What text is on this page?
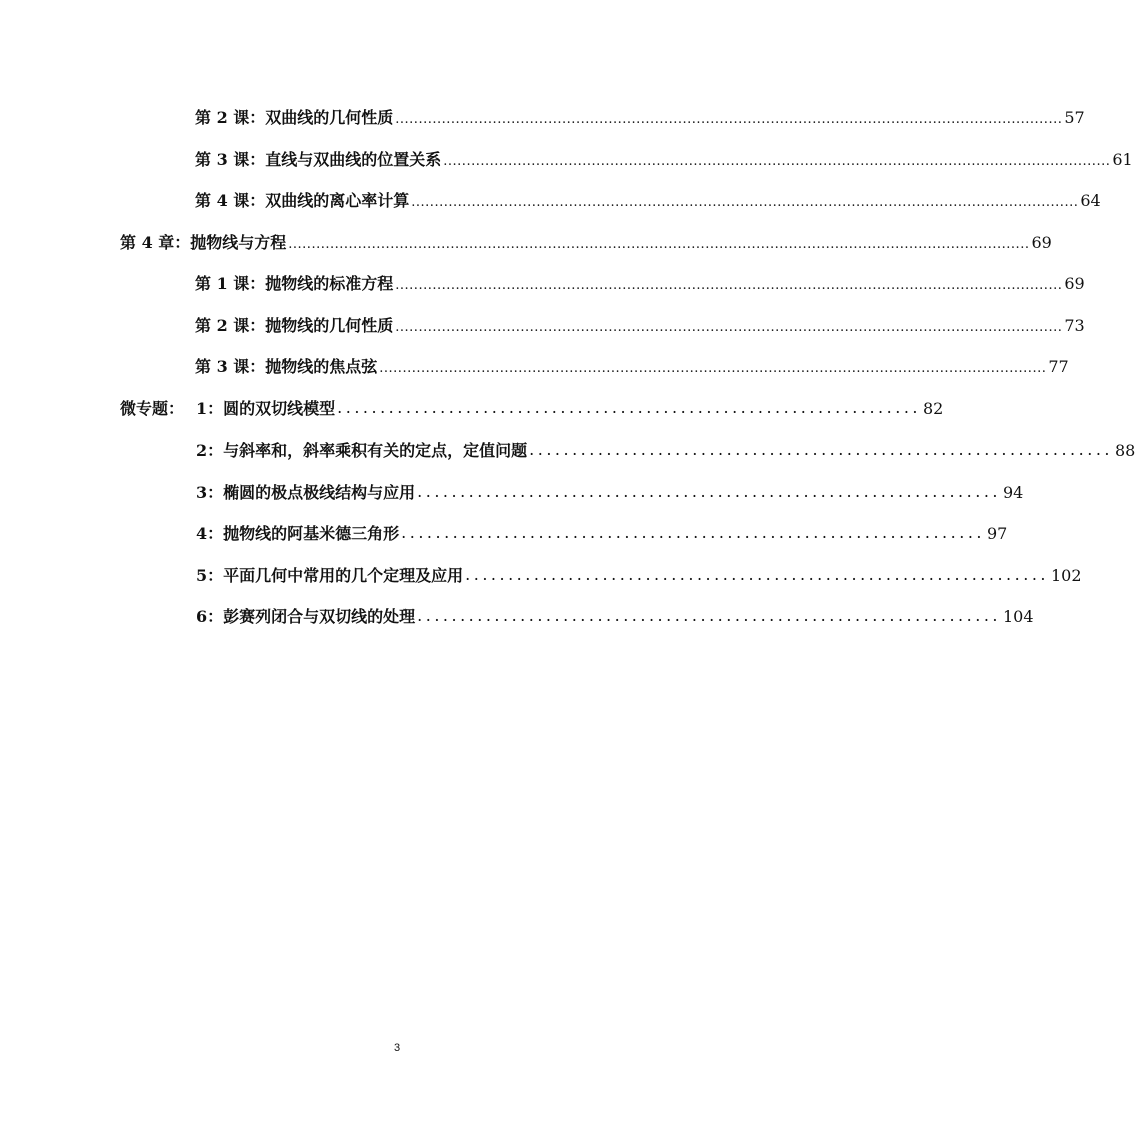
第 2 课：双曲线的几何性质 ................................................................................................................................................ 57
第 3 课：直线与双曲线的位置关系 ................................................................................................................................................ 61
第 4 课：双曲线的离心率计算 ................................................................................................................................................ 64
第 4 章：抛物线与方程 ................................................................................................................................................................ 69
第 1 课：抛物线的标准方程 ................................................................................................................................................ 69
第 2 课：抛物线的几何性质 ................................................................................................................................................ 73
第 3 课：抛物线的焦点弦 ................................................................................................................................................ 77
微专题： 1：圆的双切线模型 .................................................................... 82
2：与斜率和，斜率乘积有关的定点，定值问题 .................................................................... 88
3：椭圆的极点极线结构与应用 .................................................................... 94
4：抛物线的阿基米德三角形 .................................................................... 97
5：平面几何中常用的几个定理及应用 .................................................................... 102
6：彭赛列闭合与双切线的处理 .................................................................... 104
3
